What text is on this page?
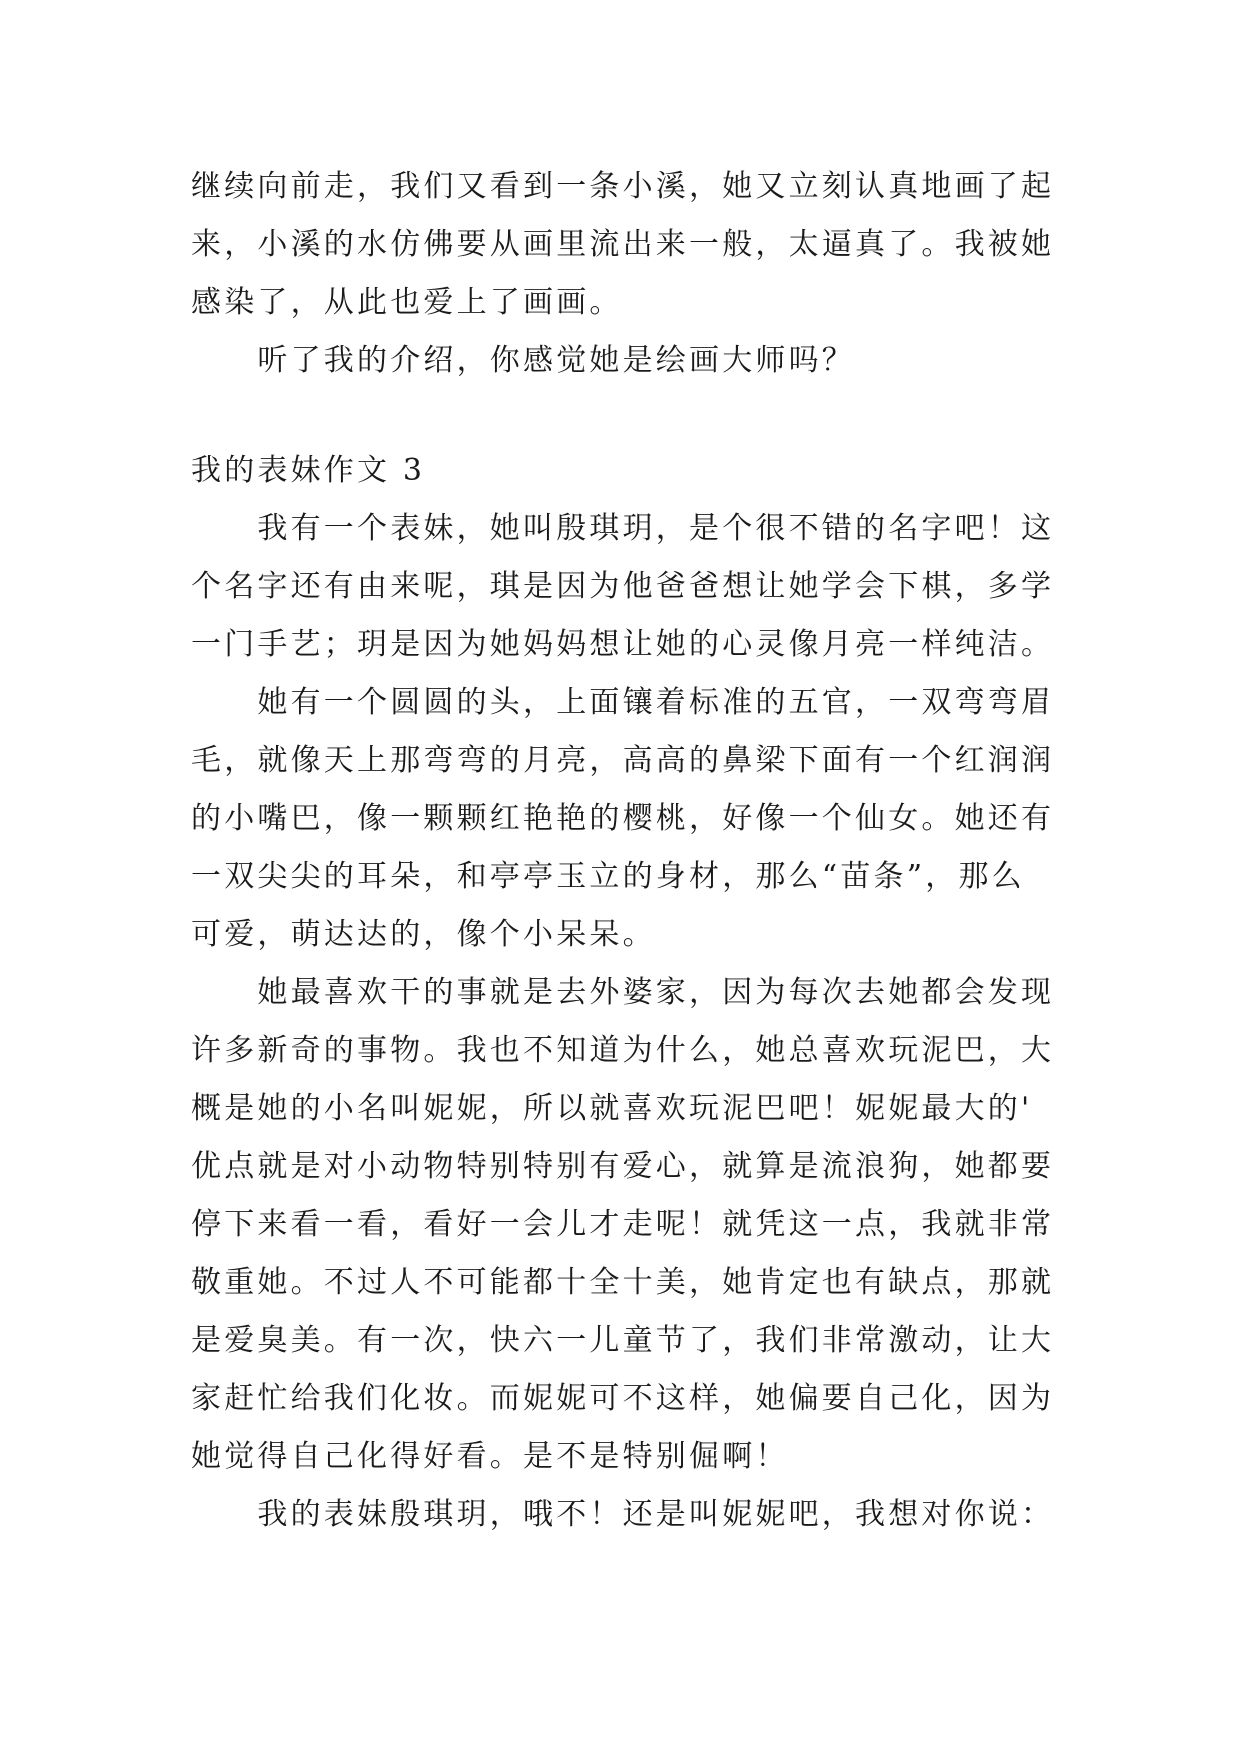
继续向前走，我们又看到一条小溪，她又立刻认真地画了起
来，小溪的水仿佛要从画里流出来一般，太逼真了。我被她
感染了，从此也爱上了画画。
　　听了我的介绍，你感觉她是绘画大师吗？
我的表妹作文 3
　　我有一个表妹，她叫殷琪玥，是个很不错的名字吧！这
个名字还有由来呢，琪是因为他爸爸想让她学会下棋，多学
一门手艺；玥是因为她妈妈想让她的心灵像月亮一样纯洁。
　　她有一个圆圆的头，上面镶着标准的五官，一双弯弯眉
毛，就像天上那弯弯的月亮，高高的鼻梁下面有一个红润润
的小嘴巴，像一颗颗红艳艳的樱桃，好像一个仙女。她还有
一双尖尖的耳朵，和亭亭玉立的身材，那么“苗条”，那么
可爱，萌达达的，像个小呆呆。
　　她最喜欢干的事就是去外婆家，因为每次去她都会发现
许多新奇的事物。我也不知道为什么，她总喜欢玩泥巴，大
概是她的小名叫妮妮，所以就喜欢玩泥巴吧！妮妮最大的'
优点就是对小动物特别特别有爱心，就算是流浪狗，她都要
停下来看一看，看好一会儿才走呢！就凭这一点，我就非常
敬重她。不过人不可能都十全十美，她肯定也有缺点，那就
是爱臭美。有一次，快六一儿童节了，我们非常激动，让大
家赶忙给我们化妆。而妮妮可不这样，她偏要自己化，因为
她觉得自己化得好看。是不是特别倔啊！
　　我的表妹殷琪玥，哦不！还是叫妮妮吧，我想对你说：
